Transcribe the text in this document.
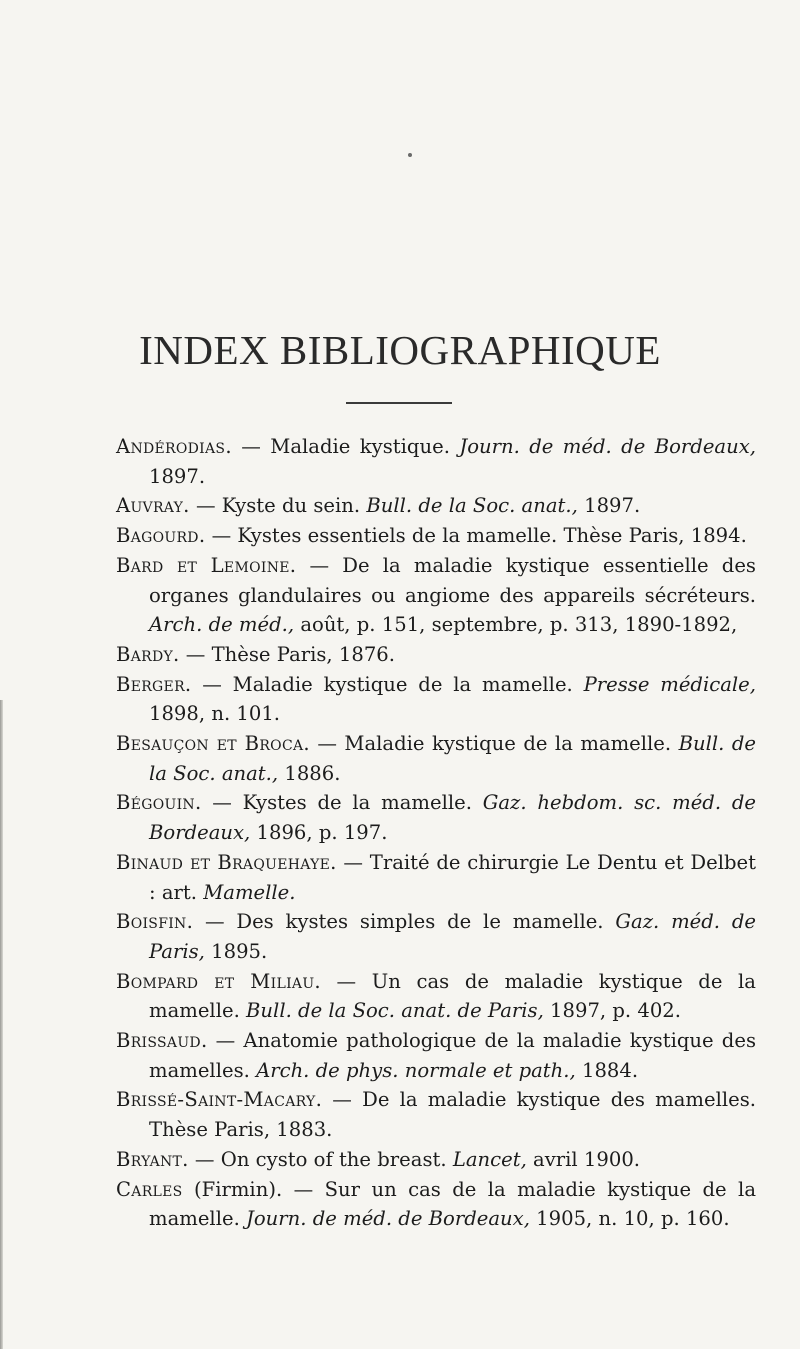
INDEX BIBLIOGRAPHIQUE
Andérodias. — Maladie kystique. Journ. de méd. de Bordeaux, 1897.
Auvray. — Kyste du sein. Bull. de la Soc. anat., 1897.
Bagourd. — Kystes essentiels de la mamelle. Thèse Paris, 1894.
Bard et Lemoine. — De la maladie kystique essentielle des organes glandulaires ou angiome des appareils sécréteurs. Arch. de méd., août, p. 151, septembre, p. 313, 1890-1892,
Bardy. — Thèse Paris, 1876.
Berger. — Maladie kystique de la mamelle. Presse médicale, 1898, n. 101.
Besauçon et Broca. — Maladie kystique de la mamelle. Bull. de la Soc. anat., 1886.
Bégouin. — Kystes de la mamelle. Gaz. hebdom. sc. méd. de Bordeaux, 1896, p. 197.
Binaud et Braquehaye. — Traité de chirurgie Le Dentu et Delbet : art. Mamelle.
Boisfin. — Des kystes simples de le mamelle. Gaz. méd. de Paris, 1895.
Bompard et Miliau. — Un cas de maladie kystique de la mamelle. Bull. de la Soc. anat. de Paris, 1897, p. 402.
Brissaud. — Anatomie pathologique de la maladie kystique des mamelles. Arch. de phys. normale et path., 1884.
Brissé-Saint-Macary. — De la maladie kystique des mamelles. Thèse Paris, 1883.
Bryant. — On cysto of the breast. Lancet, avril 1900.
Carles (Firmin). — Sur un cas de la maladie kystique de la mamelle. Journ. de méd. de Bordeaux, 1905, n. 10, p. 160.
